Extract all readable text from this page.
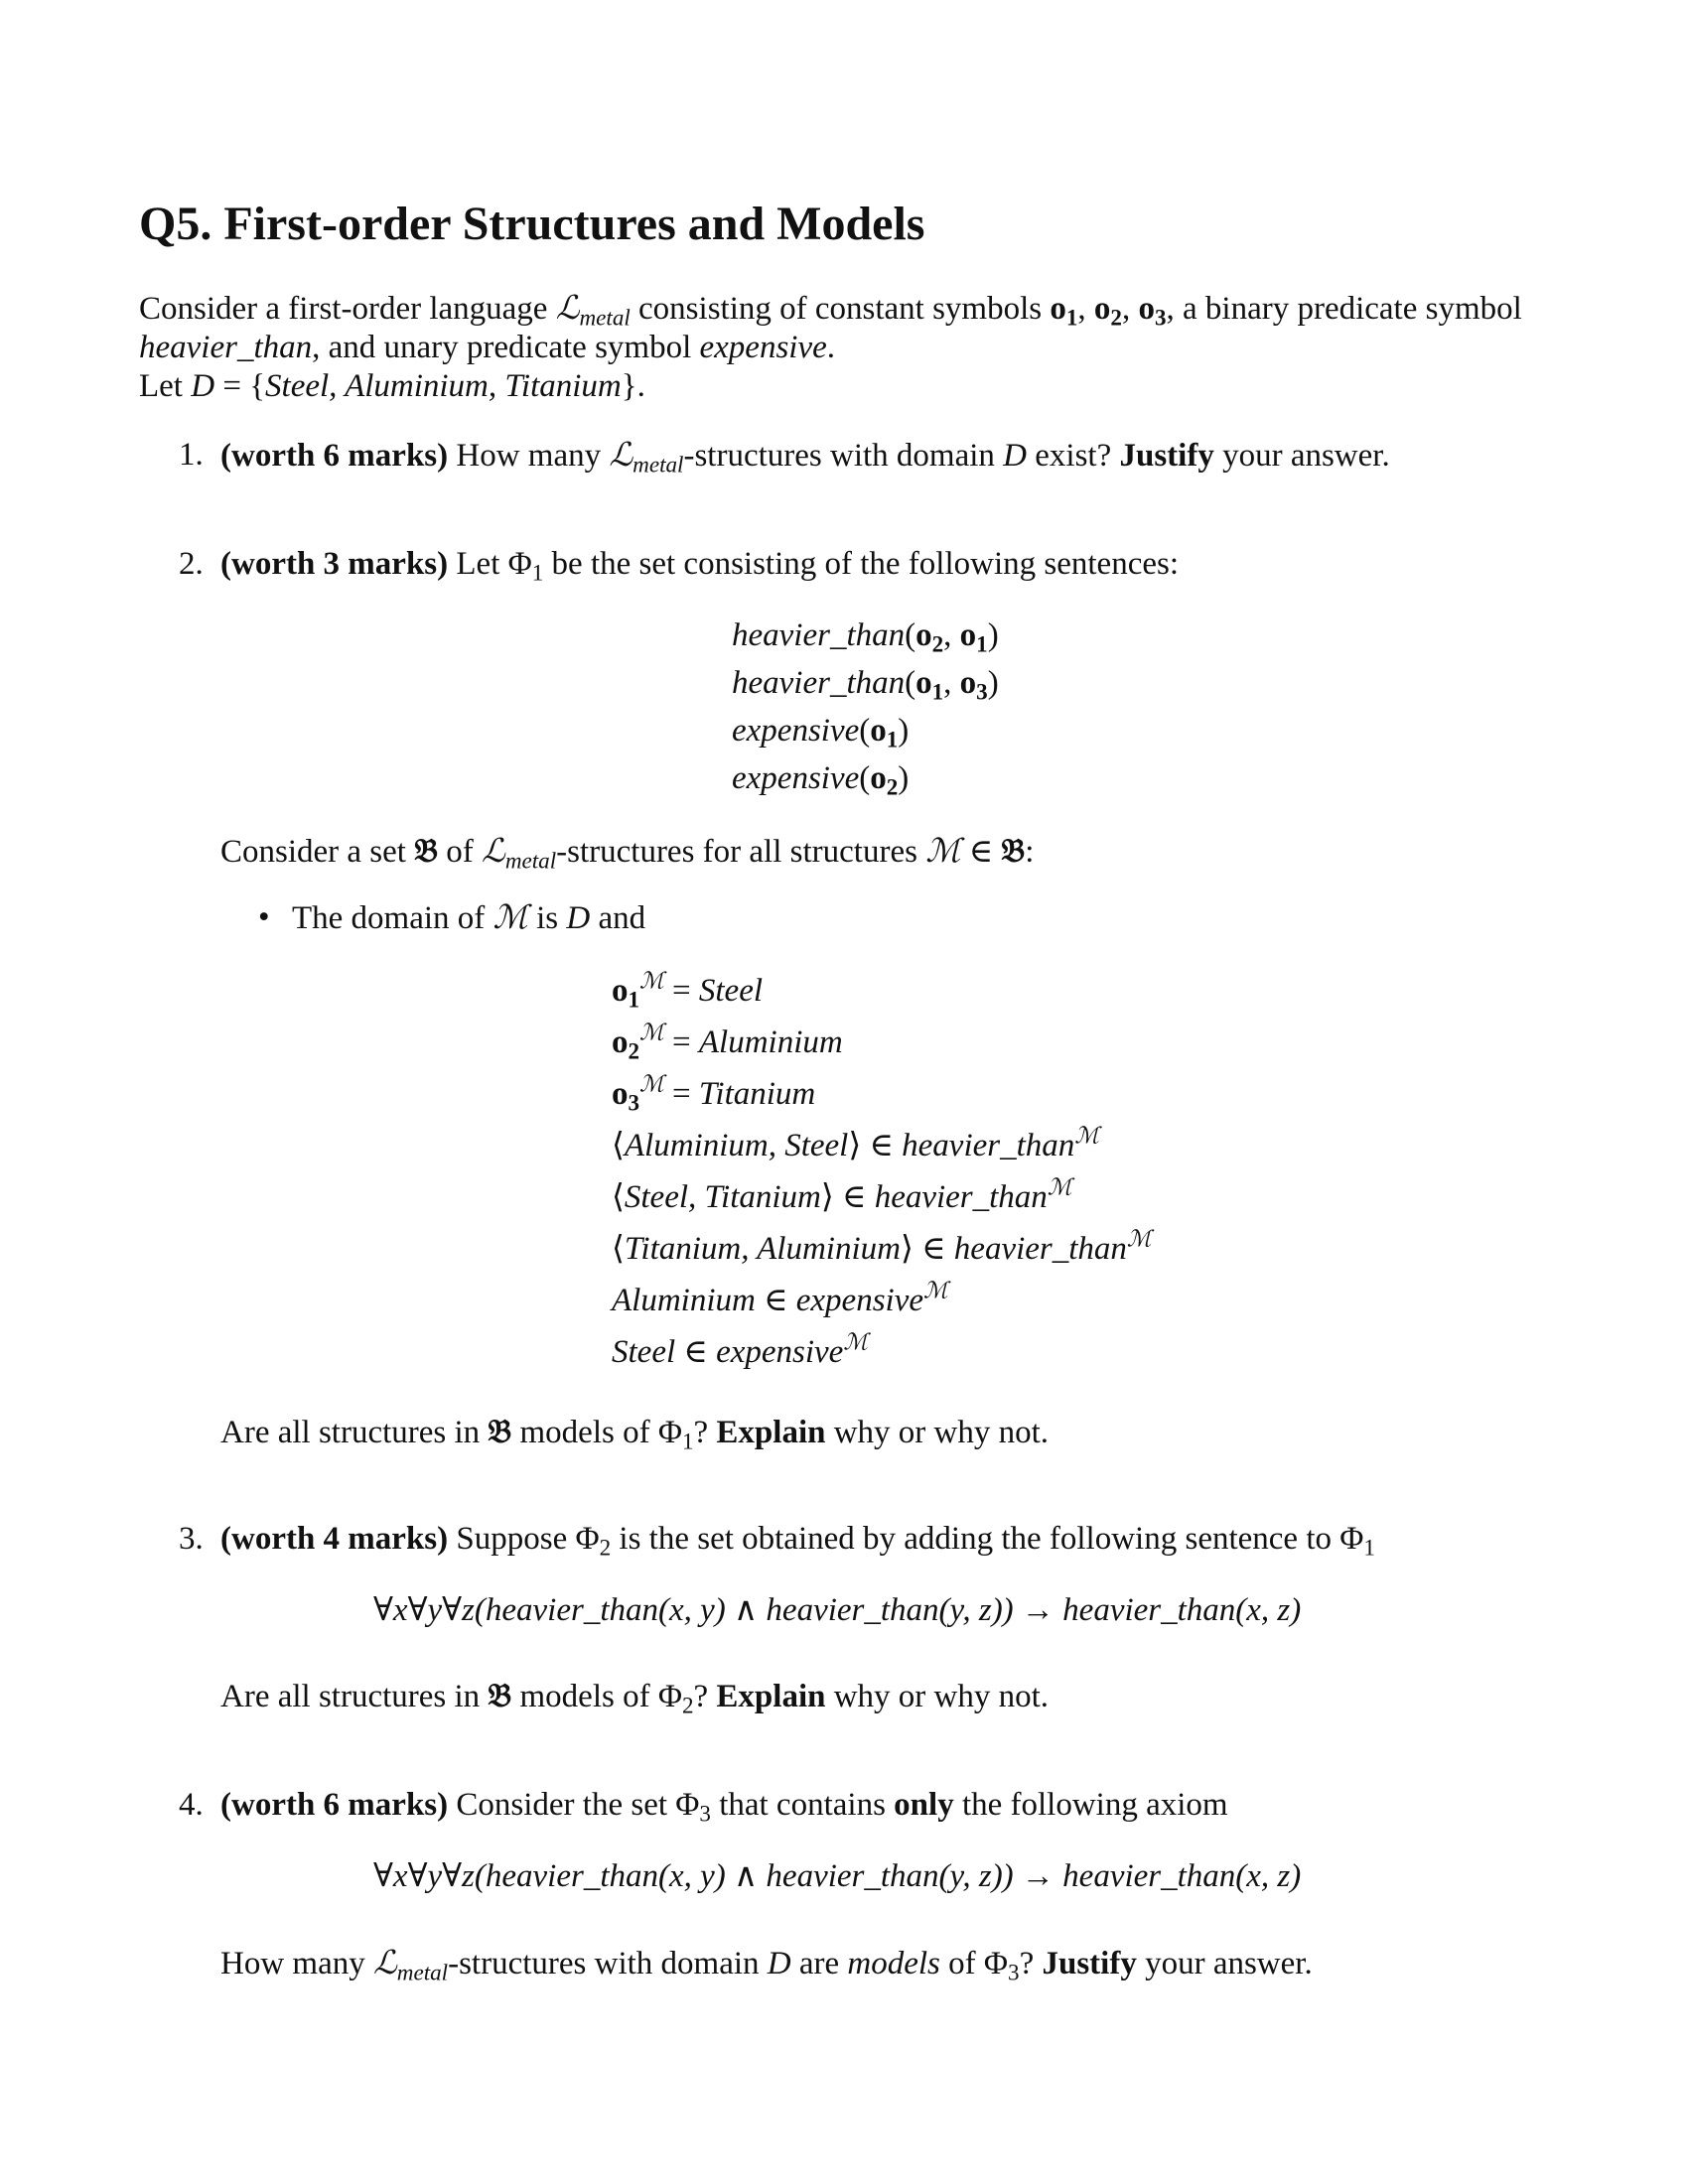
Q5. First-order Structures and Models
Consider a first-order language ℒ$_{metal}$ consisting of constant symbols $o_1$, $o_2$, $o_3$, a binary predicate symbol
heavier_than, and unary predicate symbol expensive.
Let D = {Steel, Aluminium, Titanium}.
1. (worth 6 marks) How many ℒ$_{metal}$-structures with domain D exist? Justify your answer.
2. (worth 3 marks) Let $\Phi_1$ be the set consisting of the following sentences:
$heavier\_than(o_2$, $o_1$)
$heavier\_than(o_1$, $o_3$)
$expensive(o_1)$
$expensive(o_2)$
Consider a set 𝔅 of ℒ$_{metal}$-structures for all structures ℳ ∈ 𝔅:
• The domain of ℳ is D and
$o_1^ℳ$ = Steel
$o_2^ℳ$ = Aluminium
$o_3^ℳ$ = Titanium
⟨Aluminium, Steel⟩ ∈ heavier_than$^ℳ$
⟨Steel, Titanium⟩ ∈ heavier_than$^ℳ$
⟨Titanium, Aluminium⟩ ∈ heavier_than$^ℳ$
Aluminium ∈ expensive$^ℳ$
Steel ∈ expensive$^ℳ$
Are all structures in 𝔅 models of $\Phi_1$? Explain why or why not.
3. (worth 4 marks) Suppose $\Phi_2$ is the set obtained by adding the following sentence to $\Phi_1$
∀x∀y∀z(heavier_than(x, y) ∧ heavier_than(y, z)) → heavier_than(x, z)
Are all structures in 𝔅 models of $\Phi_2$? Explain why or why not.
4. (worth 6 marks) Consider the set $\Phi_3$ that contains only the following axiom
∀x∀y∀z(heavier_than(x, y) ∧ heavier_than(y, z)) → heavier_than(x, z)
How many ℒ$_{metal}$-structures with domain D are models of $\Phi_3$? Justify your answer.
